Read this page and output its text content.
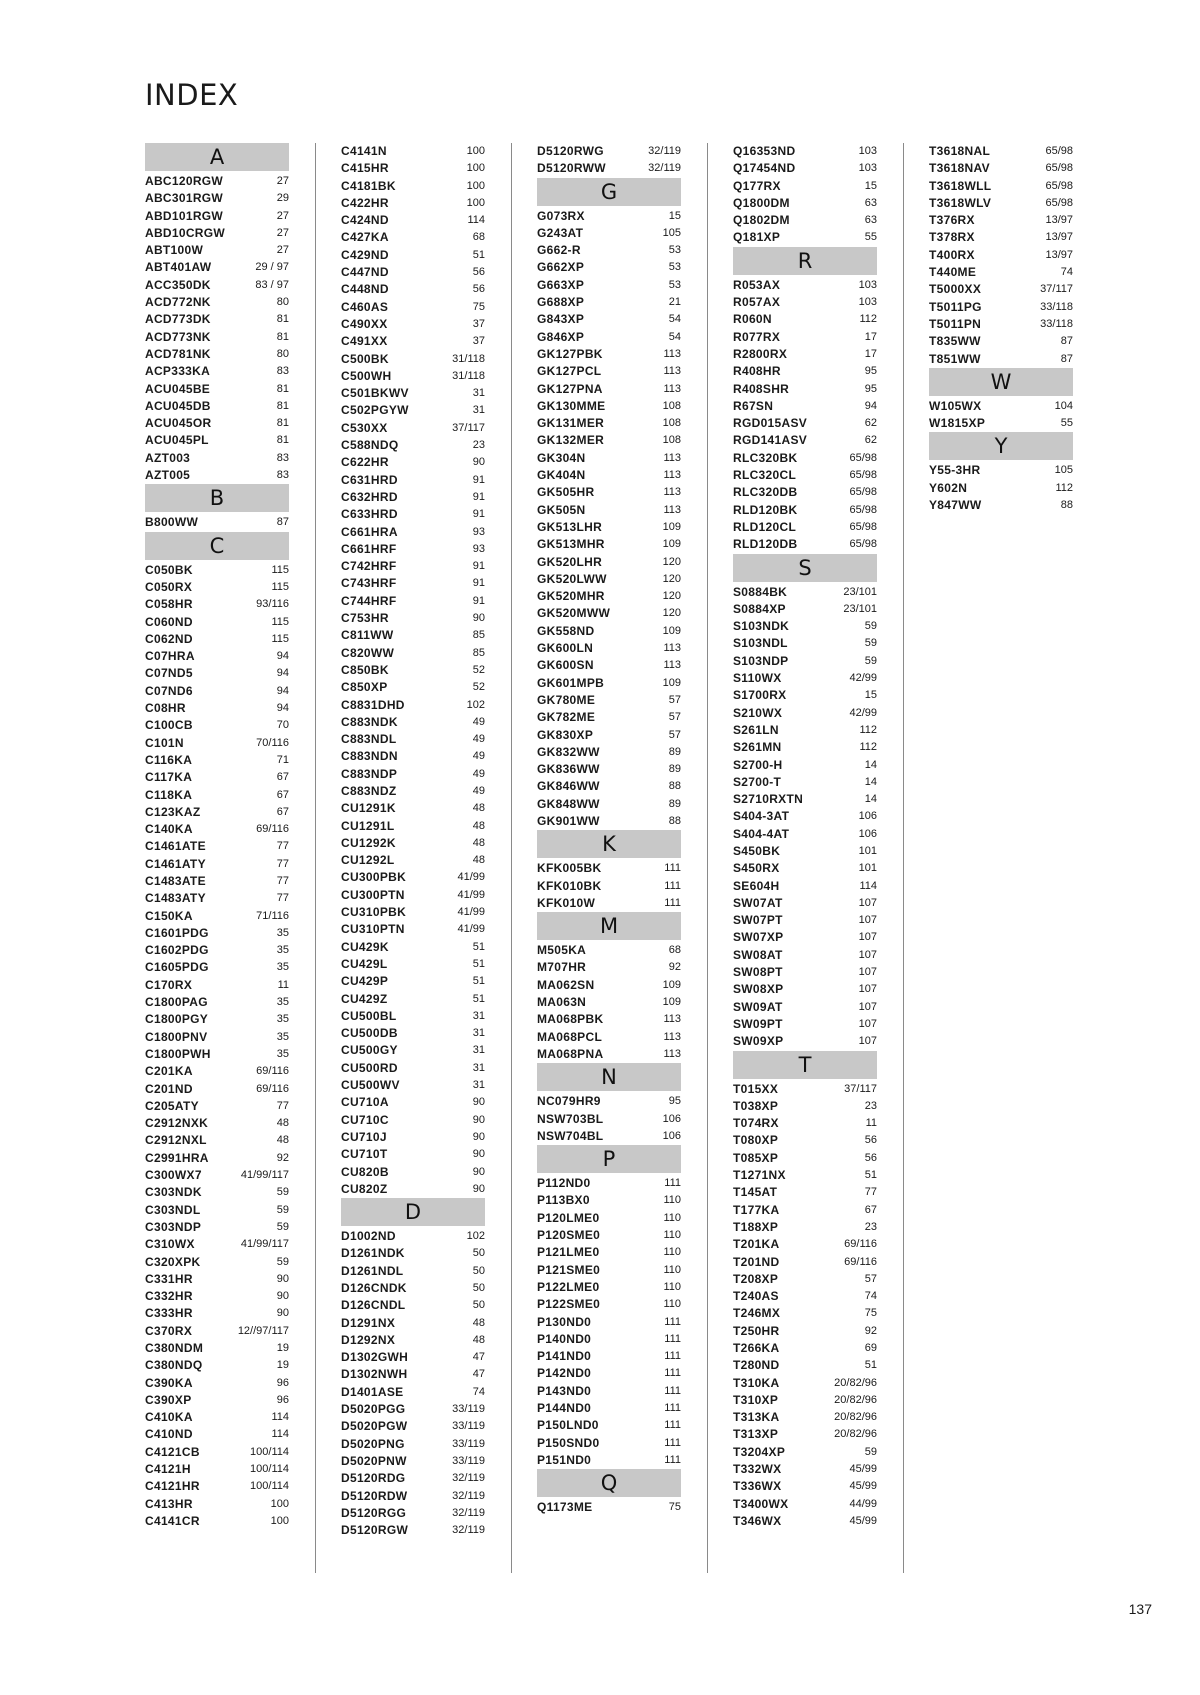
INDEX
A
ABC120RGW	27
ABC301RGW	29
ABD101RGW	27
ABD10CRGW	27
ABT100W	27
ABT401AW	29 / 97
ACC350DK	83 / 97
ACD772NK	80
ACD773DK	81
ACD773NK	81
ACD781NK	80
ACP333KA	83
ACU045BE	81
ACU045DB	81
ACU045OR	81
ACU045PL	81
AZT003	83
AZT005	83
B
B800WW	87
C
C050BK	115
C050RX	115
C058HR	93/116
C060ND	115
C062ND	115
C07HRA	94
C07ND5	94
C07ND6	94
C08HR	94
C100CB	70
C101N	70/116
C116KA	71
C117KA	67
C118KA	67
C123KAZ	67
C140KA	69/116
C1461ATE	77
C1461ATY	77
C1483ATE	77
C1483ATY	77
C150KA	71/116
C1601PDG	35
C1602PDG	35
C1605PDG	35
C170RX	11
C1800PAG	35
C1800PGY	35
C1800PNV	35
C1800PWH	35
C201KA	69/116
C201ND	69/116
C205ATY	77
C2912NXK	48
C2912NXL	48
C2991HRA	92
C300WX7	41/99/117
C303NDK	59
C303NDL	59
C303NDP	59
C310WX	41/99/117
C320XPK	59
C331HR	90
C332HR	90
C333HR	90
C370RX	12//97/117
C380NDM	19
C380NDQ	19
C390KA	96
C390XP	96
C410KA	114
C410ND	114
C4121CB	100/114
C4121H	100/114
C4121HR	100/114
C413HR	100
C4141CR	100
C4141N	100
C415HR	100
C4181BK	100
C422HR	100
C424ND	114
C427KA	68
C429ND	51
C447ND	56
C448ND	56
C460AS	75
C490XX	37
C491XX	37
C500BK	31/118
C500WH	31/118
C501BKWV	31
C502PGYW	31
C530XX	37/117
C588NDQ	23
C622HR	90
C631HRD	91
C632HRD	91
C633HRD	91
C661HRA	93
C661HRF	93
C742HRF	91
C743HRF	91
C744HRF	91
C753HR	90
C811WW	85
C820WW	85
C850BK	52
C850XP	52
C8831DHD	102
C883NDK	49
C883NDL	49
C883NDN	49
C883NDP	49
C883NDZ	49
CU1291K	48
CU1291L	48
CU1292K	48
CU1292L	48
CU300PBK	41/99
CU300PTN	41/99
CU310PBK	41/99
CU310PTN	41/99
CU429K	51
CU429L	51
CU429P	51
CU429Z	51
CU500BL	31
CU500DB	31
CU500GY	31
CU500RD	31
CU500WV	31
CU710A	90
CU710C	90
CU710J	90
CU710T	90
CU820B	90
CU820Z	90
D
D1002ND	102
D1261NDK	50
D1261NDL	50
D126CNDK	50
D126CNDL	50
D1291NX	48
D1292NX	48
D1302GWH	47
D1302NWH	47
D1401ASE	74
D5020PGG	33/119
D5020PGW	33/119
D5020PNG	33/119
D5020PNW	33/119
D5120RDG	32/119
D5120RDW	32/119
D5120RGG	32/119
D5120RGW	32/119
D5120RWG	32/119
D5120RWW	32/119
G
G073RX	15
G243AT	105
G662-R	53
G662XP	53
G663XP	53
G688XP	21
G843XP	54
G846XP	54
GK127PBK	113
GK127PCL	113
GK127PNA	113
GK130MME	108
GK131MER	108
GK132MER	108
GK304N	113
GK404N	113
GK505HR	113
GK505N	113
GK513LHR	109
GK513MHR	109
GK520LHR	120
GK520LWW	120
GK520MHR	120
GK520MWW	120
GK558ND	109
GK600LN	113
GK600SN	113
GK601MPB	109
GK780ME	57
GK782ME	57
GK830XP	57
GK832WW	89
GK836WW	89
GK846WW	88
GK848WW	89
GK901WW	88
K
KFK005BK	111
KFK010BK	111
KFK010W	111
M
M505KA	68
M707HR	92
MA062SN	109
MA063N	109
MA068PBK	113
MA068PCL	113
MA068PNA	113
N
NC079HR9	95
NSW703BL	106
NSW704BL	106
P
P112ND0	111
P113BX0	110
P120LME0	110
P120SME0	110
P121LME0	110
P121SME0	110
P122LME0	110
P122SME0	110
P130ND0	111
P140ND0	111
P141ND0	111
P142ND0	111
P143ND0	111
P144ND0	111
P150LND0	111
P150SND0	111
P151ND0	111
Q
Q1173ME	75
Q16353ND	103
Q17454ND	103
Q177RX	15
Q1800DM	63
Q1802DM	63
Q181XP	55
R
R053AX	103
R057AX	103
R060N	112
R077RX	17
R2800RX	17
R408HR	95
R408SHR	95
R67SN	94
RGD015ASV	62
RGD141ASV	62
RLC320BK	65/98
RLC320CL	65/98
RLC320DB	65/98
RLD120BK	65/98
RLD120CL	65/98
RLD120DB	65/98
S
S0884BK	23/101
S0884XP	23/101
S103NDK	59
S103NDL	59
S103NDP	59
S110WX	42/99
S1700RX	15
S210WX	42/99
S261LN	112
S261MN	112
S2700-H	14
S2700-T	14
S2710RXTN	14
S404-3AT	106
S404-4AT	106
S450BK	101
S450RX	101
SE604H	114
SW07AT	107
SW07PT	107
SW07XP	107
SW08AT	107
SW08PT	107
SW08XP	107
SW09AT	107
SW09PT	107
SW09XP	107
T
T015XX	37/117
T038XP	23
T074RX	11
T080XP	56
T085XP	56
T1271NX	51
T145AT	77
T177KA	67
T188XP	23
T201KA	69/116
T201ND	69/116
T208XP	57
T240AS	74
T246MX	75
T250HR	92
T266KA	69
T280ND	51
T310KA	20/82/96
T310XP	20/82/96
T313KA	20/82/96
T313XP	20/82/96
T3204XP	59
T332WX	45/99
T336WX	45/99
T3400WX	44/99
T346WX	45/99
T3618NAL	65/98
T3618NAV	65/98
T3618WLL	65/98
T3618WLV	65/98
T376RX	13/97
T378RX	13/97
T400RX	13/97
T440ME	74
T5000XX	37/117
T5011PG	33/118
T5011PN	33/118
T835WW	87
T851WW	87
W
W105WX	104
W1815XP	55
Y
Y55-3HR	105
Y602N	112
Y847WW	88
137
